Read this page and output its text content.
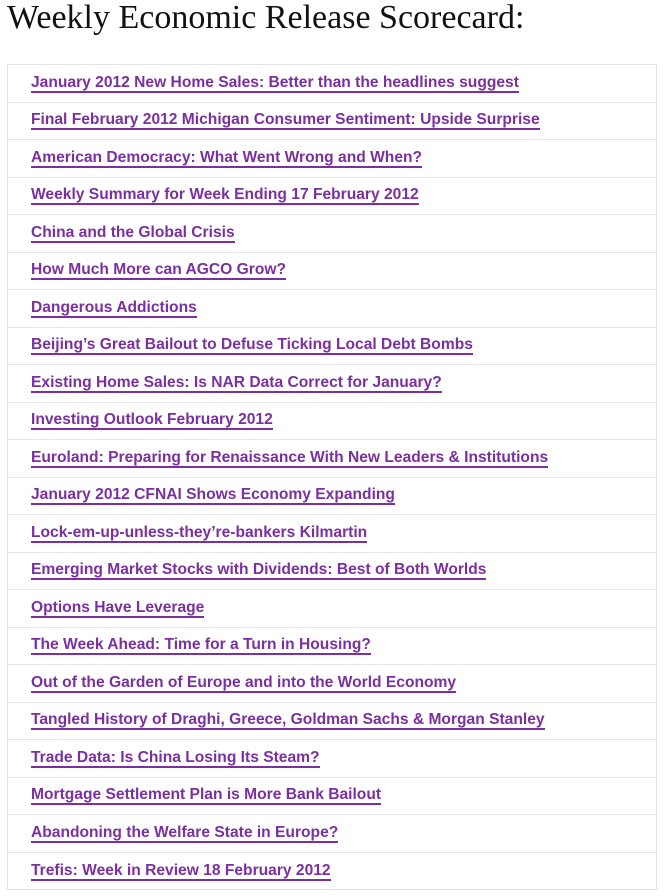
Weekly Economic Release Scorecard:
January 2012 New Home Sales: Better than the headlines suggest
Final February 2012 Michigan Consumer Sentiment: Upside Surprise
American Democracy: What Went Wrong and When?
Weekly Summary for Week Ending 17 February 2012
China and the Global Crisis
How Much More can AGCO Grow?
Dangerous Addictions
Beijing’s Great Bailout to Defuse Ticking Local Debt Bombs
Existing Home Sales: Is NAR Data Correct for January?
Investing Outlook February 2012
Euroland: Preparing for Renaissance With New Leaders & Institutions
January 2012 CFNAI Shows Economy Expanding
Lock-em-up-unless-they’re-bankers Kilmartin
Emerging Market Stocks with Dividends: Best of Both Worlds
Options Have Leverage
The Week Ahead: Time for a Turn in Housing?
Out of the Garden of Europe and into the World Economy
Tangled History of Draghi, Greece, Goldman Sachs & Morgan Stanley
Trade Data: Is China Losing Its Steam?
Mortgage Settlement Plan is More Bank Bailout
Abandoning the Welfare State in Europe?
Trefis: Week in Review 18 February 2012
